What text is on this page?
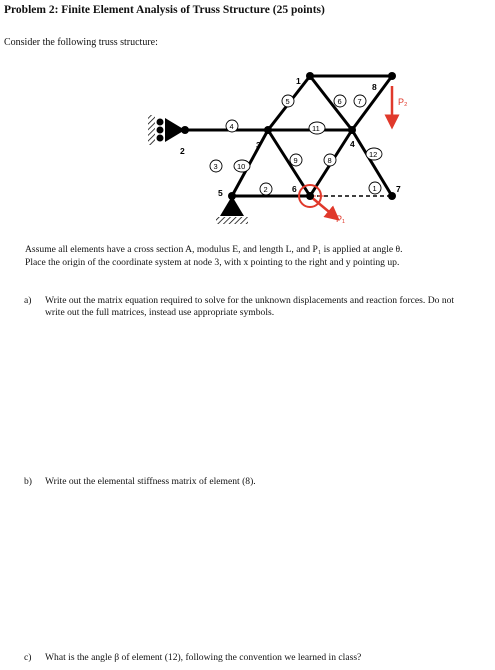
Problem 2: Finite Element Analysis of Truss Structure (25 points)
Consider the following truss structure:
1
2
3	4
5	6	7
8
1
2
3
4
5	6 7
8
9
10
11
12
P₂
P₁
Assume all elements have a cross section A, modulus E, and length L, and P₁ is applied at angle θ.
Place the origin of the coordinate system at node 3, with x pointing to the right and y pointing up.
a) Write out the matrix equation required to solve for the unknown displacements and reaction forces. Do not write out the full matrices, instead use appropriate symbols.
b) Write out the elemental stiffness matrix of element (8).
c) What is the angle β of element (12), following the convention we learned in class?
